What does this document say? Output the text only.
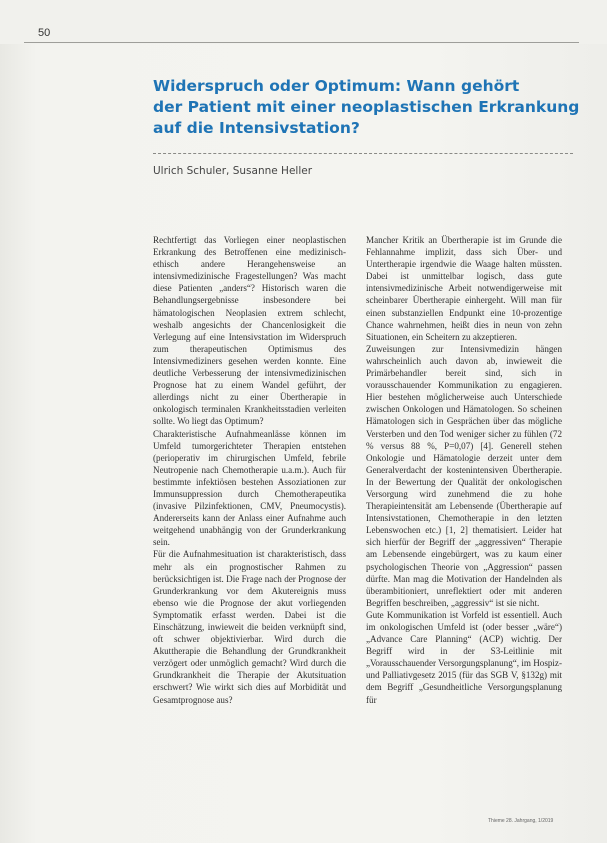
50
Widerspruch oder Optimum: Wann gehört
der Patient mit einer neoplastischen Erkrankung
auf die Intensivstation?
Ulrich Schuler, Susanne Heller

Rechtfertigt das Vorliegen einer neoplastischen Erkrankung des Betroffenen eine medizinisch-ethisch andere Herangehensweise an intensivmedizinische Fragestellungen? Was macht diese Patienten „anders“? Historisch waren die Behandlungsergebnisse insbesondere bei hämatologischen Neoplasien extrem schlecht, weshalb angesichts der Chancenlosigkeit die Verlegung auf eine Intensivstation im Widerspruch zum therapeutischen Optimismus des Intensivmediziners gesehen werden konnte. Eine deutliche Verbesserung der intensivmedizinischen Prognose hat zu einem Wandel geführt, der allerdings nicht zu einer Übertherapie in onkologisch terminalen Krankheitsstadien verleiten sollte. Wo liegt das Optimum?

Charakteristische Aufnahmeanlässe können im Umfeld tumorgerichteter Therapien entstehen (perioperativ im chirurgischen Umfeld, febrile Neutropenie nach Chemotherapie u.a.m.). Auch für bestimmte infektiösen bestehen Assoziationen zur Immunsuppression durch Chemotherapeutika (invasive Pilzinfektionen, CMV, Pneumocystis). Andererseits kann der Anlass einer Aufnahme auch weitgehend unabhängig von der Grunderkrankung sein.

Für die Aufnahmesituation ist charakteristisch, dass mehr als ein prognostischer Rahmen zu berücksichtigen ist. Die Frage nach der Prognose der Grunderkrankung vor dem Akutereignis muss ebenso wie die Prognose der akut vorliegenden Symptomatik erfasst werden. Dabei ist die Einschätzung, inwieweit die beiden verknüpft sind, oft schwer objektivierbar. Wird durch die Akuttherapie die Behandlung der Grundkrankheit verzögert oder unmöglich gemacht? Wird durch die Grundkrankheit die Therapie der Akutsituation erschwert? Wie wirkt sich dies auf Morbidität und Gesamtprognose aus?

Mancher Kritik an Übertherapie ist im Grunde die Fehlannahme implizit, dass sich Über- und Untertherapie irgendwie die Waage halten müssten. Dabei ist unmittelbar logisch, dass gute intensivmedizinische Arbeit notwendigerweise mit scheinbarer Übertherapie einhergeht. Will man für einen substanziellen Endpunkt eine 10-prozentige Chance wahrnehmen, heißt dies in neun von zehn Situationen, ein Scheitern zu akzeptieren.

Zuweisungen zur Intensivmedizin hängen wahrscheinlich auch davon ab, inwieweit die Primärbehandler bereit sind, sich in vorausschauender Kommunikation zu engagieren. Hier bestehen möglicherweise auch Unterschiede zwischen Onkologen und Hämatologen. So scheinen Hämatologen sich in Gesprächen über das mögliche Versterben und den Tod weniger sicher zu fühlen (72 % versus 88 %, P=0,07) [4]. Generell stehen Onkologie und Hämatologie derzeit unter dem Generalverdacht der kostenintensiven Übertherapie. In der Bewertung der Qualität der onkologischen Versorgung wird zunehmend die zu hohe Therapieintensität am Lebensende (Übertherapie auf Intensivstationen, Chemotherapie in den letzten Lebenswochen etc.) [1, 2] thematisiert. Leider hat sich hierfür der Begriff der „aggressiven“ Therapie am Lebensende eingebürgert, was zu kaum einer psychologischen Theorie von „Aggression“ passen dürfte. Man mag die Motivation der Handelnden als überambitioniert, unreflektiert oder mit anderen Begriffen beschreiben, „aggressiv“ ist sie nicht.

Gute Kommunikation ist Vorfeld ist essentiell. Auch im onkologischen Umfeld ist (oder besser „wäre“) „Advance Care Planning“ (ACP) wichtig. Der Begriff wird in der S3-Leitlinie mit „Vorausschauender Versorgungsplanung“, im Hospiz- und Palliativgesetz 2015 (für das SGB V, §132g) mit dem Begriff „Gesundheitliche Versorgungsplanung für

Thieme 28. Jahrgang, 1/2019
